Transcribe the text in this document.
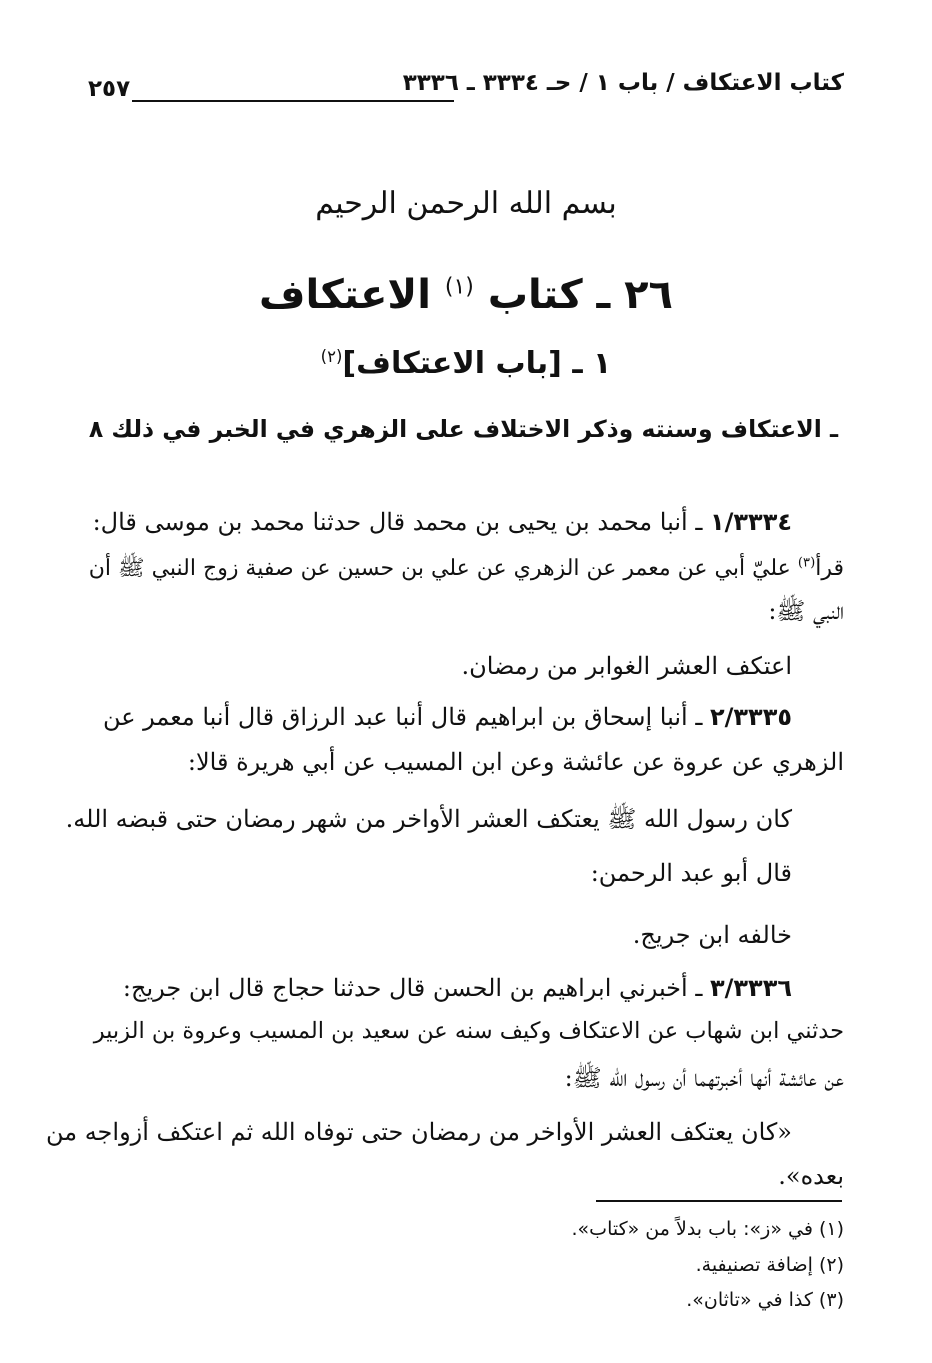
كتاب الاعتكاف / باب ١ / حـ ٣٣٣٤ ـ ٣٣٣٦
٢٥٧
بسم الله الرحمن الرحيم
٢٦ ـ كتاب $^{(١)}$ الاعتكاف
١ ـ [باب الاعتكاف]$^{(٢)}$
ـ الاعتكاف وسنته وذكر الاختلاف على الزهري في الخبر في ذلك ٨
١/٣٣٣٤ ـ أنبا محمد بن يحيى بن محمد قال حدثنا محمد بن موسى قال:
قرأ$^{(٣)}$ عليّ أبي عن معمر عن الزهري عن علي بن حسين عن صفية زوج النبي ﷺ أن
النبي ﷺ:
اعتكف العشر الغوابر من رمضان.
٢/٣٣٣٥ ـ أنبا إسحاق بن ابراهيم قال أنبا عبد الرزاق قال أنبا معمر عن
الزهري عن عروة عن عائشة وعن ابن المسيب عن أبي هريرة قالا:
كان رسول الله ﷺ يعتكف العشر الأواخر من شهر رمضان حتى قبضه الله.
قال أبو عبد الرحمن:
خالفه ابن جريج.
٣/٣٣٣٦ ـ أخبرني ابراهيم بن الحسن قال حدثنا حجاج قال ابن جريج:
حدثني ابن شهاب عن الاعتكاف وكيف سنه عن سعيد بن المسيب وعروة بن الزبير
عن عائشة أنها أخبرتهما أن رسول الله ﷺ:
«كان يعتكف العشر الأواخر من رمضان حتى توفاه الله ثم اعتكف أزواجه من
بعده».
(١) في «ز»: باب بدلاً من «كتاب».
(٢) إضافة تصنيفية.
(٣) كذا في «تاثان».
